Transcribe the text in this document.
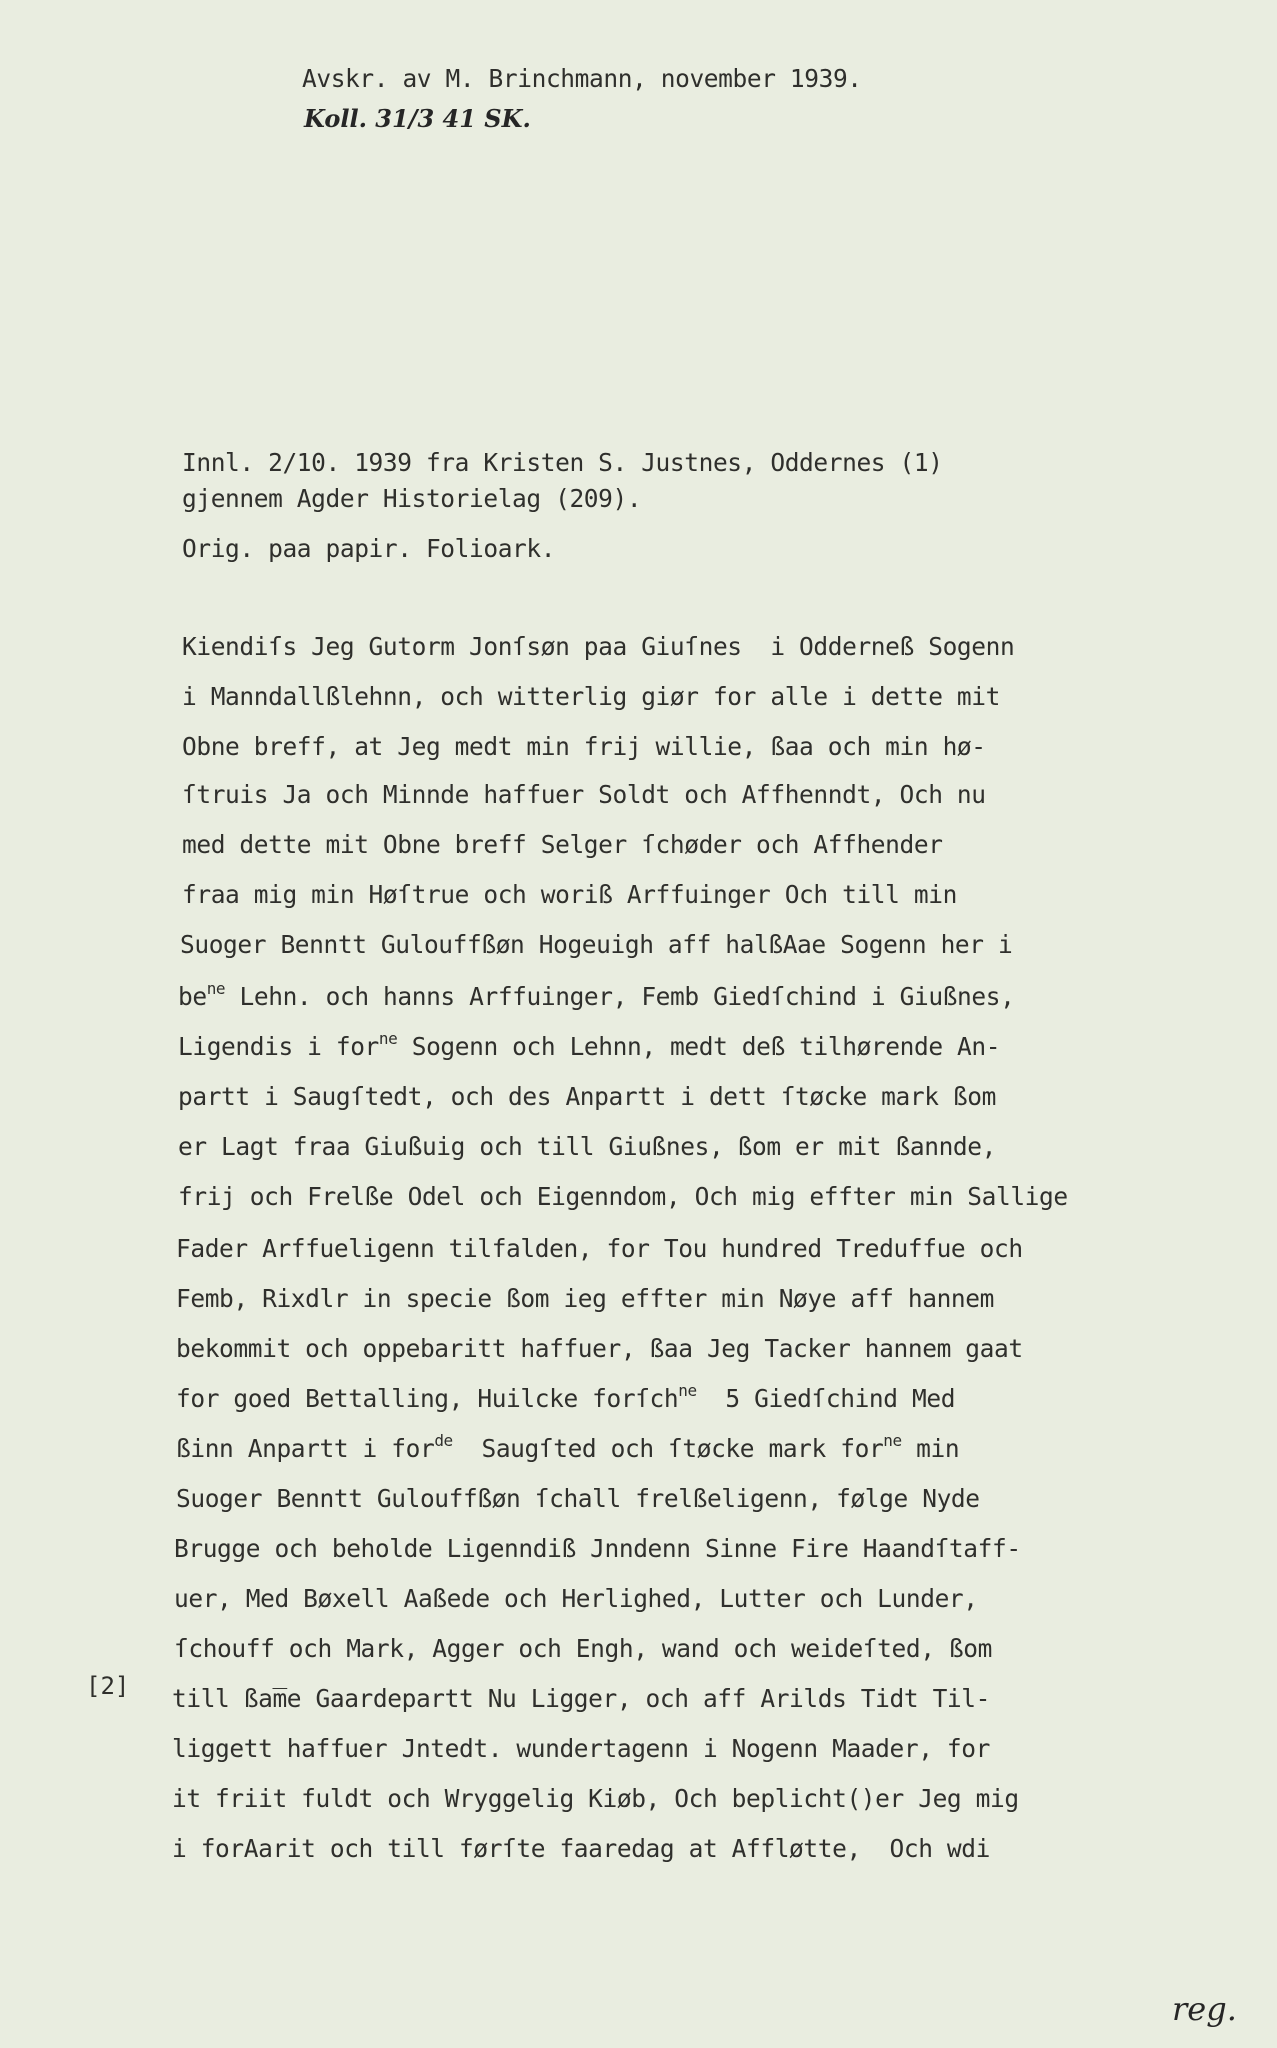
Avskr. av M. Brinchmann, november 1939.
Koll. 31/3 41 SK.
Innl. 2/10. 1939 fra Kristen S. Justnes, Oddernes (1)
gjennem Agder Historielag (209).
Orig. paa papir. Folioark.
Kiendiſs Jeg Gutorm Jonſsøn paa Giuſnes  i Odderneß Sogenn
i Manndallßlehnn, och witterlig giør for alle i dette mit
Obne breff, at Jeg medt min frij willie, ßaa och min hø-
ſtruis Ja och Minnde haffuer Soldt och Affhenndt, Och nu
med dette mit Obne breff Selger ſchøder och Affhender
fraa mig min Høſtrue och woriß Arffuinger Och till min
Suoger Benntt Gulouffßøn Hogeuigh aff halßAae Sogenn her i
$be^{ne}$ Lehn. och hanns Arffuinger, Femb Giedſchind i Giußnes,
Ligendis i for$^{ne}$ Sogenn och Lehnn, medt deß tilhørende An-
partt i Saugſtedt, och des Anpartt i dett ſtøcke mark ßom
er Lagt fraa Giußuig och till Giußnes, ßom er mit ßannde,
frij och Frelße Odel och Eigenndom, Och mig effter min Sallige
Fader Arffueligenn tilfalden, for Tou hundred Treduffue och
Femb, Rixdlr in specie ßom ieg effter min Nøye aff hannem
bekommit och oppebaritt haffuer, ßaa Jeg Tacker hannem gaat
for goed Bettalling, Huilcke forſch$^{ne}$  5 Giedſchind Med
ßinn Anpartt i for$^{de}$  Saugſted och ſtøcke mark for$^{ne}$ min
Suoger Benntt Gulouffßøn ſchall frelßeligenn, følge Nyde
Brugge och beholde Ligenndiß Jnndenn Sinne Fire Haandſtaff-
uer, Med Bøxell Aaßede och Herlighed, Lutter och Lunder,
ſchouff och Mark, Agger och Engh, wand och weideſted, ßom
till ßam̅e Gaardepartt Nu Ligger, och aff Arilds Tidt Til-
liggett haffuer Jntedt. wundertagenn i Nogenn Maader, for
it friit fuldt och Wryggelig Kiøb, Och beplicht()er Jeg mig
i forAarit och till førſte faaredag at Affløtte,  Och wdi
[2]
reg.
